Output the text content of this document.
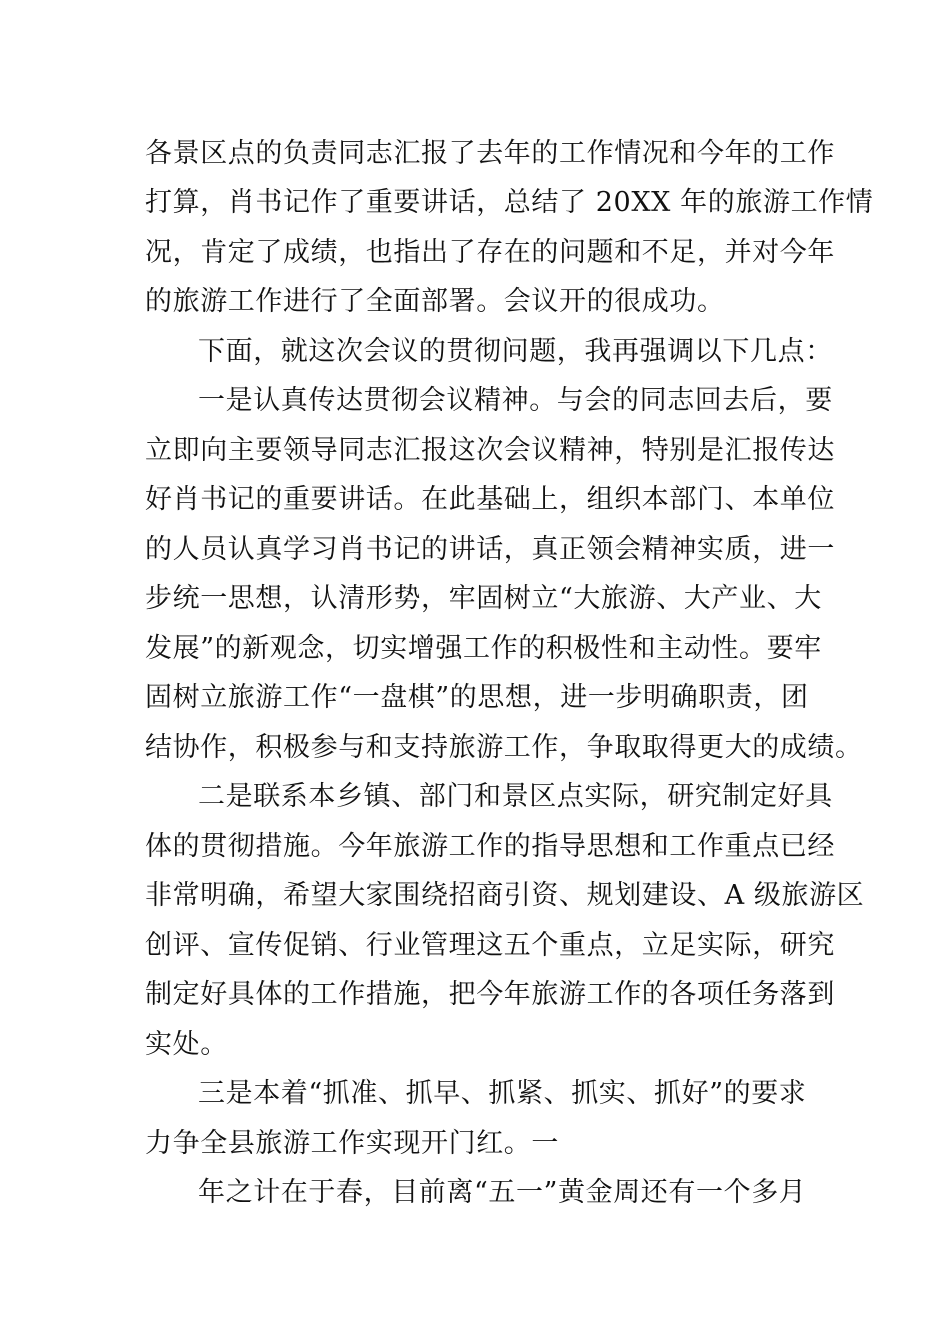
各景区点的负责同志汇报了去年的工作情况和今年的工作
打算，肖书记作了重要讲话，总结了 20XX 年的旅游工作情
况，肯定了成绩，也指出了存在的问题和不足，并对今年
的旅游工作进行了全面部署。会议开的很成功。
下面，就这次会议的贯彻问题，我再强调以下几点：
一是认真传达贯彻会议精神。与会的同志回去后，要
立即向主要领导同志汇报这次会议精神，特别是汇报传达
好肖书记的重要讲话。在此基础上，组织本部门、本单位
的人员认真学习肖书记的讲话，真正领会精神实质，进一
步统一思想，认清形势，牢固树立“大旅游、大产业、大
发展”的新观念，切实增强工作的积极性和主动性。要牢
固树立旅游工作“一盘棋”的思想，进一步明确职责，团
结协作，积极参与和支持旅游工作，争取取得更大的成绩。
二是联系本乡镇、部门和景区点实际，研究制定好具
体的贯彻措施。今年旅游工作的指导思想和工作重点已经
非常明确，希望大家围绕招商引资、规划建设、A 级旅游区
创评、宣传促销、行业管理这五个重点，立足实际，研究
制定好具体的工作措施，把今年旅游工作的各项任务落到
实处。
三是本着“抓准、抓早、抓紧、抓实、抓好”的要求
力争全县旅游工作实现开门红。一
年之计在于春，目前离“五一”黄金周还有一个多月
